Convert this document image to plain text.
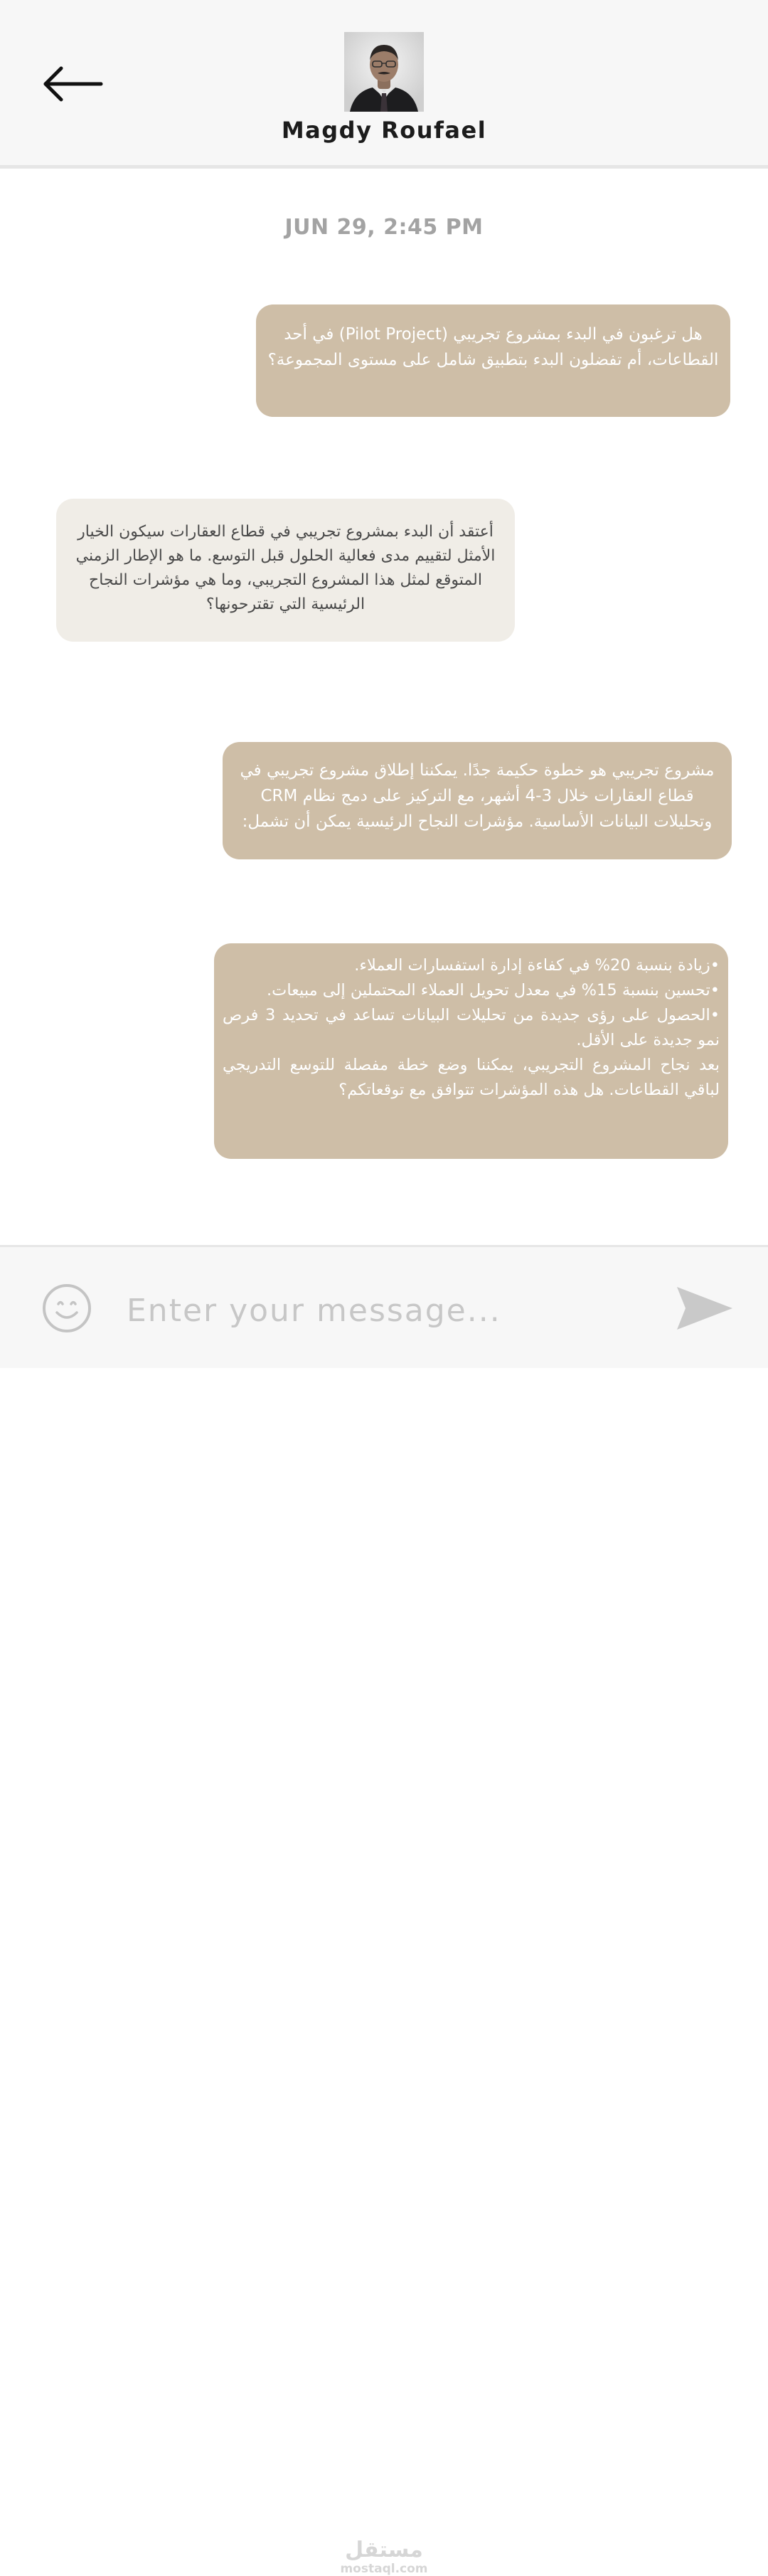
Magdy Roufael
JUN 29, 2:45 PM
هل ترغبون في البدء بمشروع تجريبي (Pilot Project) في أحد القطاعات، أم تفضلون البدء بتطبيق شامل على مستوى المجموعة؟
أعتقد أن البدء بمشروع تجريبي في قطاع العقارات سيكون الخيار الأمثل لتقييم مدى فعالية الحلول قبل التوسع. ما هو الإطار الزمني المتوقع لمثل هذا المشروع التجريبي، وما هي مؤشرات النجاح الرئيسية التي تقترحونها؟
مشروع تجريبي هو خطوة حكيمة جدًا. يمكننا إطلاق مشروع تجريبي في قطاع العقارات خلال 3-4 أشهر، مع التركيز على دمج نظام CRM وتحليلات البيانات الأساسية. مؤشرات النجاح الرئيسية يمكن أن تشمل:
•زيادة بنسبة 20% في كفاءة إدارة استفسارات العملاء.
•تحسين بنسبة 15% في معدل تحويل العملاء المحتملين إلى مبيعات.
•الحصول على رؤى جديدة من تحليلات البيانات تساعد في تحديد 3 فرص نمو جديدة على الأقل.
بعد نجاح المشروع التجريبي، يمكننا وضع خطة مفصلة للتوسع التدريجي لباقي القطاعات. هل هذه المؤشرات تتوافق مع توقعاتكم؟
Enter your message...
مستقل
mostaql.com
